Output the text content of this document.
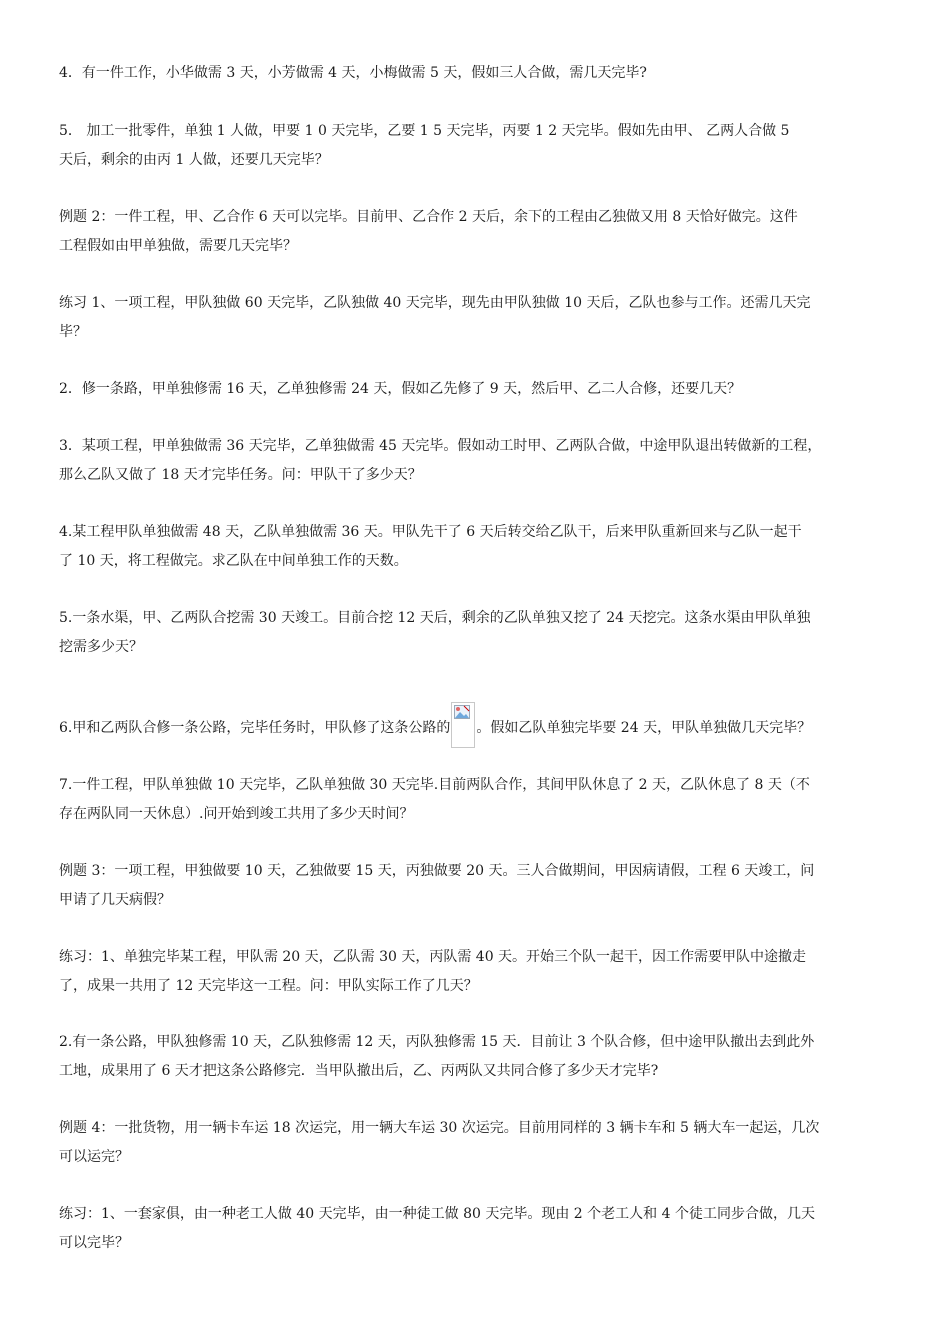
4．有一件工作，小华做需 3 天，小芳做需 4 天，小梅做需 5 天，假如三人合做，需几天完毕?
5． 加工一批零件，单独 1 人做，甲要 1 0 天完毕，乙要 1 5 天完毕，丙要 1 2 天完毕。假如先由甲、 乙两人合做 5
天后，剩余的由丙 1 人做，还要几天完毕？
例题 2：一件工程，甲、乙合作 6 天可以完毕。目前甲、乙合作 2 天后，余下的工程由乙独做又用 8 天恰好做完。这件
工程假如由甲单独做，需要几天完毕？
练习 1、一项工程，甲队独做 60 天完毕，乙队独做 40 天完毕，现先由甲队独做 10 天后，乙队也参与工作。还需几天完
毕？
2．修一条路，甲单独修需 16 天，乙单独修需 24 天，假如乙先修了 9 天，然后甲、乙二人合修，还要几天？
3．某项工程，甲单独做需 36 天完毕，乙单独做需 45 天完毕。假如动工时甲、乙两队合做，中途甲队退出转做新的工程，
那么乙队又做了 18 天才完毕任务。问：甲队干了多少天？
4.某工程甲队单独做需 48 天，乙队单独做需 36 天。甲队先干了 6 天后转交给乙队干，后来甲队重新回来与乙队一起干
了 10 天，将工程做完。求乙队在中间单独工作的天数。
5.一条水渠，甲、乙两队合挖需 30 天竣工。目前合挖 12 天后，剩余的乙队单独又挖了 24 天挖完。这条水渠由甲队单独
挖需多少天？
6.甲和乙两队合修一条公路，完毕任务时，甲队修了这条公路的 。假如乙队单独完毕要 24 天，甲队单独做几天完毕？
7.一件工程，甲队单独做 10 天完毕，乙队单独做 30 天完毕.目前两队合作，其间甲队休息了 2 天，乙队休息了 8 天（不
存在两队同一天休息）.问开始到竣工共用了多少天时间？
例题 3：一项工程，甲独做要 10 天，乙独做要 15 天，丙独做要 20 天。三人合做期间，甲因病请假，工程 6 天竣工，问
甲请了几天病假？
练习：1、单独完毕某工程，甲队需 20 天，乙队需 30 天，丙队需 40 天。开始三个队一起干，因工作需要甲队中途撤走
了，成果一共用了 12 天完毕这一工程。问：甲队实际工作了几天？
2.有一条公路，甲队独修需 10 天，乙队独修需 12 天，丙队独修需 15 天．目前让 3 个队合修，但中途甲队撤出去到此外
工地，成果用了 6 天才把这条公路修完．当甲队撤出后，乙、丙两队又共同合修了多少天才完毕?
例题 4：一批货物，用一辆卡车运 18 次运完，用一辆大车运 30 次运完。目前用同样的 3 辆卡车和 5 辆大车一起运，几次
可以运完？
练习：1、一套家俱，由一种老工人做 40 天完毕，由一种徒工做 80 天完毕。现由 2 个老工人和 4 个徒工同步合做，几天
可以完毕？
